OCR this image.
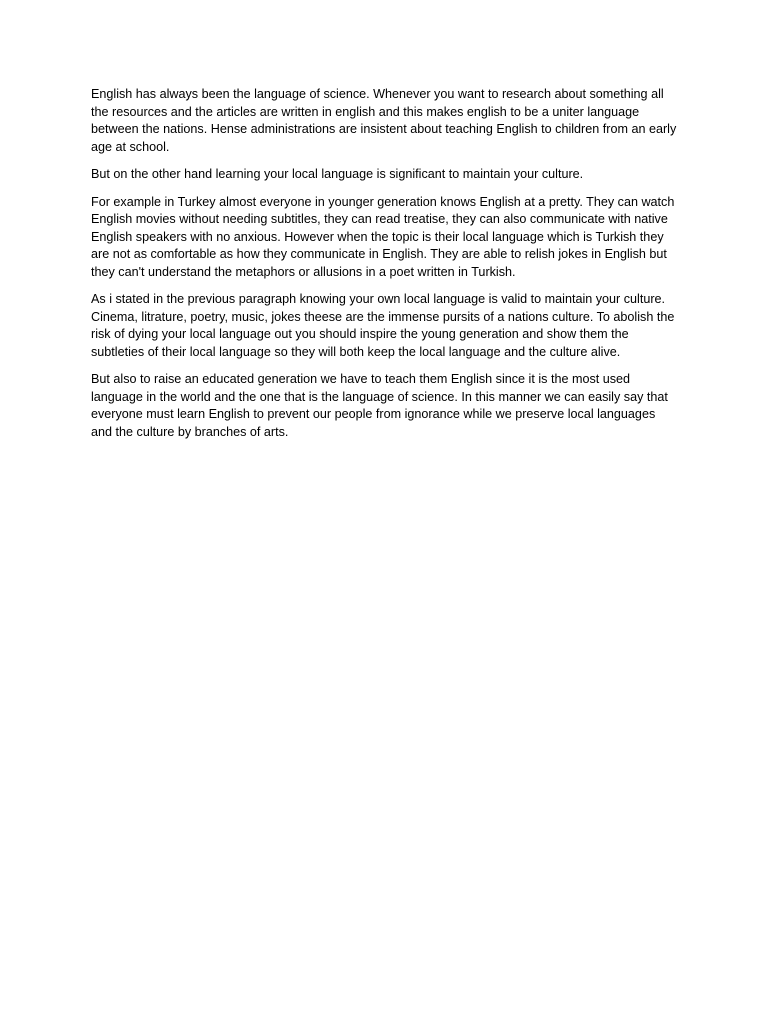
English has always been the language of science. Whenever you want to research about something all the resources and the articles are written in english and this makes english to be a uniter language between the nations. Hense administrations are insistent about teaching English to children from an early age at school.

But on the other hand learning your local language is significant to maintain your culture.

For example in Turkey almost everyone in younger generation knows English at a pretty. They can watch English movies without needing subtitles, they can read treatise, they can also communicate with native English speakers with no anxious. However when the topic is their local language which is Turkish they are not as comfortable as how they communicate in English. They are able to relish jokes in English but they can't understand the metaphors or allusions in a poet written in Turkish.

As i stated in the previous paragraph knowing your own local language is valid to maintain your culture. Cinema, litrature, poetry, music, jokes theese are the immense pursits of a nations culture. To abolish the risk of dying your local language out you should inspire the young generation and show them the subtleties of their local language so they will both keep the local language and the culture alive.

But also to raise an educated generation we have to teach them English since it is the most used language in the world and the one that is the language of science. In this manner we can easily say that everyone must learn English to prevent our people from ignorance while we preserve local languages and the culture by branches of arts.
